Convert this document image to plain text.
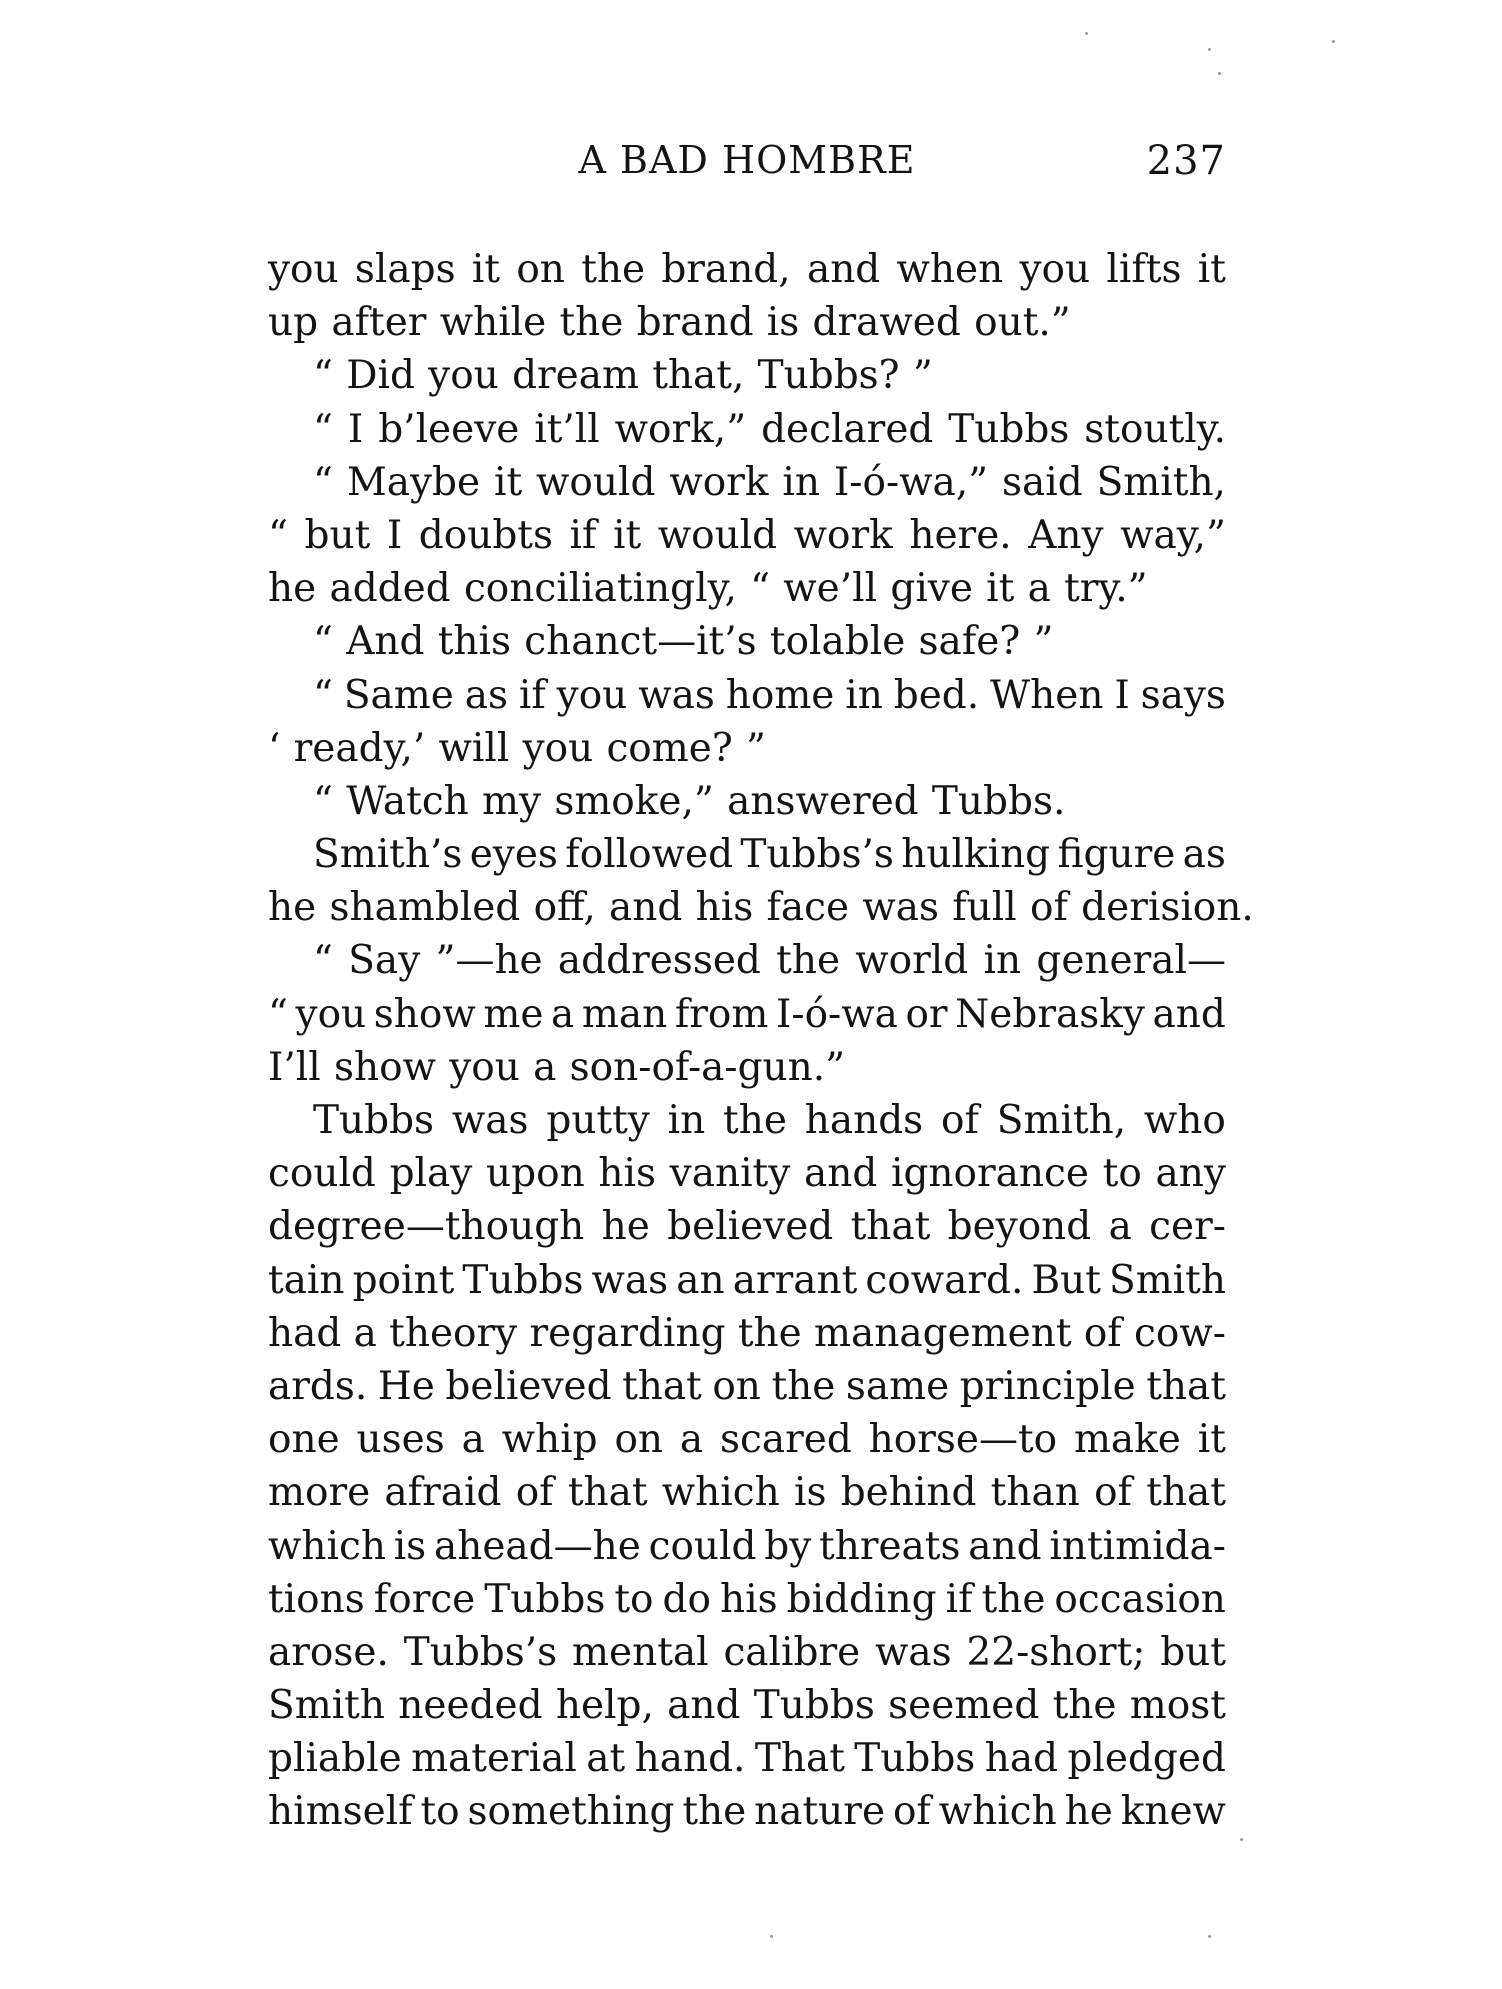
A BAD HOMBRE	237
you slaps it on the brand, and when you lifts it
up after while the brand is drawed out.”
“ Did you dream that, Tubbs? ”
“ I b’leeve it’ll work,” declared Tubbs stoutly.
“ Maybe it would work in I-ó-wa,” said Smith,
“ but I doubts if it would work here. Any way,”
he added conciliatingly, “ we’ll give it a try.”
“ And this chanct—it’s tolable safe? ”
“ Same as if you was home in bed. When I says
‘ ready,’ will you come? ”
“ Watch my smoke,” answered Tubbs.
Smith’s eyes followed Tubbs’s hulking figure as
he shambled off, and his face was full of derision.
“ Say ”—he addressed the world in general—
“ you show me a man from I-ó-wa or Nebrasky and
I’ll show you a son-of-a-gun.”
Tubbs was putty in the hands of Smith, who
could play upon his vanity and ignorance to any
degree—though he believed that beyond a cer-
tain point Tubbs was an arrant coward. But Smith
had a theory regarding the management of cow-
ards. He believed that on the same principle that
one uses a whip on a scared horse—to make it
more afraid of that which is behind than of that
which is ahead—he could by threats and intimida-
tions force Tubbs to do his bidding if the occasion
arose. Tubbs’s mental calibre was 22-short; but
Smith needed help, and Tubbs seemed the most
pliable material at hand. That Tubbs had pledged
himself to something the nature of which he knew
